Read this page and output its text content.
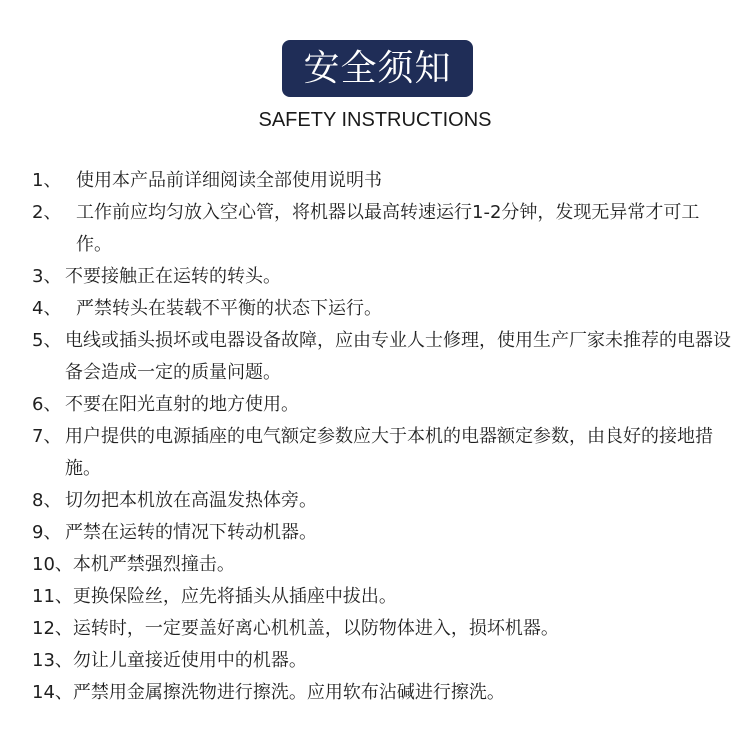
安全须知
SAFETY INSTRUCTIONS
1、 使用本产品前详细阅读全部使用说明书
2、 工作前应均匀放入空心管，将机器以最高转速运行1-2分钟，发现无异常才可工作。
3、 不要接触正在运转的转头。
4、 严禁转头在装载不平衡的状态下运行。
5、 电线或插头损坏或电器设备故障，应由专业人士修理，使用生产厂家未推荐的电器设备会造成一定的质量问题。
6、 不要在阳光直射的地方使用。
7、 用户提供的电源插座的电气额定参数应大于本机的电器额定参数，由良好的接地措施。
8、 切勿把本机放在高温发热体旁。
9、 严禁在运转的情况下转动机器。
10、 本机严禁强烈撞击。
11、 更换保险丝，应先将插头从插座中拔出。
12、 运转时，一定要盖好离心机机盖，以防物体进入，损坏机器。
13、 勿让儿童接近使用中的机器。
14、 严禁用金属擦洗物进行擦洗。应用软布沾碱进行擦洗。
